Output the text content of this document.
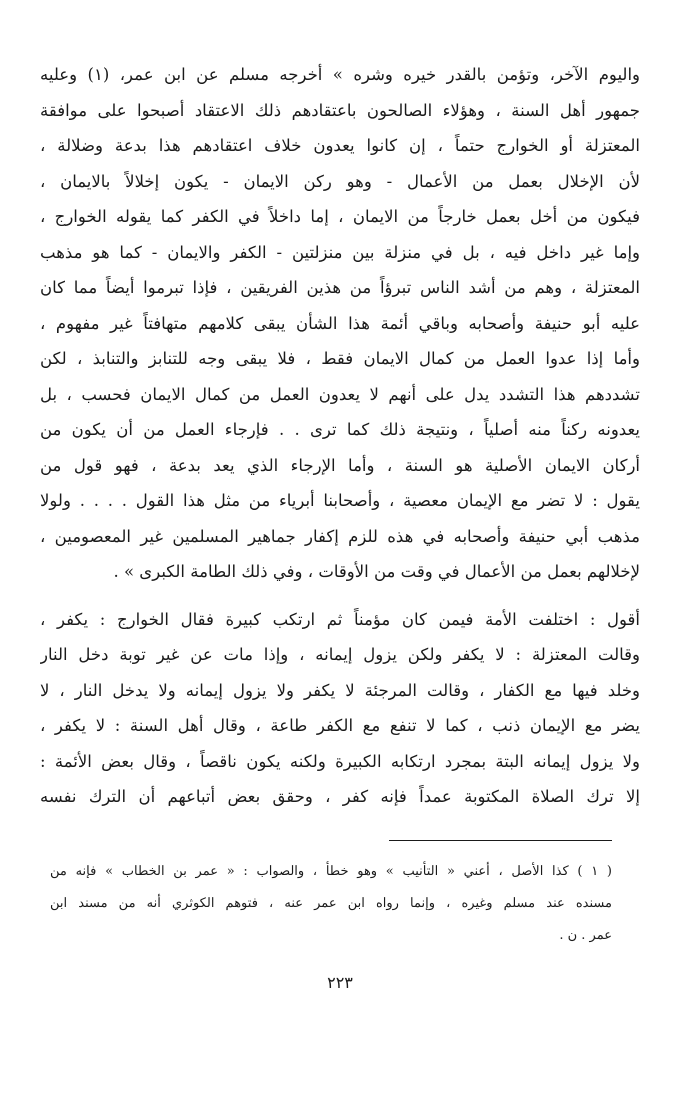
واليوم الآخر، وتؤمن بالقدر خيره وشره » أخرجه مسلم عن ابن عمر، (١) وعليه
جمهور أهل السنة ، وهؤلاء الصالحون باعتقادهم ذلك الاعتقاد أصبحوا على موافقة
المعتزلة أو الخوارج حتماً ، إن كانوا يعدون خلاف اعتقادهم هذا بدعة وضلالة ،
لأن الإخلال بعمل من الأعمال - وهو ركن الايمان - يكون إخلالاً بالايمان ،
فيكون من أخل بعمل خارجاً من الايمان ، إما داخلاً في الكفر كما يقوله الخوارج ،
وإما غير داخل فيه ، بل في منزلة بين منزلتين - الكفر والايمان - كما هو مذهب
المعتزلة ، وهم من أشد الناس تبرؤاً من هذين الفريقين ، فإذا تبرموا أيضاً مما كان
عليه أبو حنيفة وأصحابه وباقي أئمة هذا الشأن يبقى كلامهم متهافتاً غير مفهوم ،
وأما إذا عدوا العمل من كمال الايمان فقط ، فلا يبقى وجه للتنابز والتنابذ ، لكن
تشددهم هذا التشدد يدل على أنهم لا يعدون العمل من كمال الايمان فحسب ، بل
يعدونه ركناً منه أصلياً ، ونتيجة ذلك كما ترى . . فإرجاء العمل من أن يكون من
أركان الايمان الأصلية هو السنة ، وأما الإرجاء الذي يعد بدعة ، فهو قول من
يقول : لا تضر مع الإيمان معصية ، وأصحابنا أبرياء من مثل هذا القول . . . . ولولا
مذهب أبي حنيفة وأصحابه في هذه للزم إكفار جماهير المسلمين غير المعصومين ،
لإخلالهم بعمل من الأعمال في وقت من الأوقات ، وفي ذلك الطامة الكبرى » .
أقول : اختلفت الأمة فيمن كان مؤمناً ثم ارتكب كبيرة فقال الخوارج : يكفر ،
وقالت المعتزلة : لا يكفر ولكن يزول إيمانه ، وإذا مات عن غير توبة دخل النار
وخلد فيها مع الكفار ، وقالت المرجئة لا يكفر ولا يزول إيمانه ولا يدخل النار ، لا
يضر مع الإيمان ذنب ، كما لا تنفع مع الكفر طاعة ، وقال أهل السنة : لا يكفر ،
ولا يزول إيمانه البتة بمجرد ارتكابه الكبيرة ولكنه يكون ناقصاً ، وقال بعض الأئمة :
إلا ترك الصلاة المكتوبة عمداً فإنه كفر ، وحقق بعض أتباعهم أن الترك نفسه
( ١ ) كذا الأصل ، أعني « التأنيب » وهو خطأ ، والصواب : « عمر بن الخطاب » فإنه من
مسنده عند مسلم وغيره ، وإنما رواه ابن عمر عنه ، فتوهم الكوثري أنه من مسند ابن
عمر . ن .
٢٢٣
